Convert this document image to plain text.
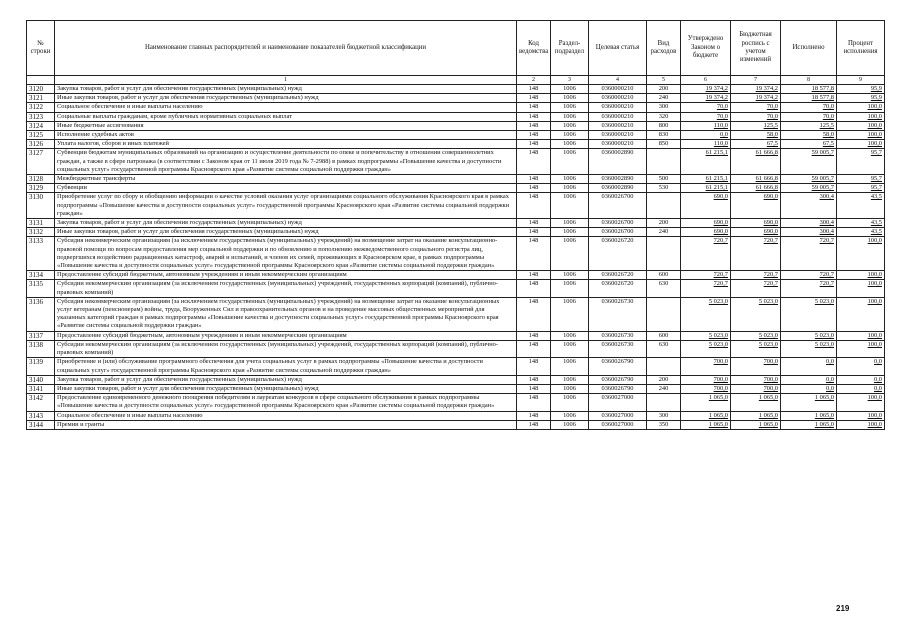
№ строки	Наименование главных распорядителей и наименование показателей бюджетной классификации	Код ведомства	Раздел-подраздел	Целевая статья	Вид расходов	Утверждено Законом о бюджете	Бюджетная роспись с учетом изменений	Исполнено	Процент исполнения
	1	2	3	4	5	6	7	8	9
3120	Закупка товаров, работ и услуг для обеспечения государственных (муниципальных) нужд	148	1006	0360000210	200	19 374,2	19 374,2	18 577,8	95,9
3121	Иные закупки товаров, работ и услуг для обеспечения государственных (муниципальных) нужд	148	1006	0360000210	240	19 374,2	19 374,2	18 577,8	95,9
3122	Социальное обеспечение и иные выплаты населению	148	1006	0360000210	300	70,0	70,0	70,0	100,0
3123	Социальные выплаты гражданам, кроме публичных нормативных социальных выплат	148	1006	0360000210	320	70,0	70,0	70,0	100,0
3124	Иные бюджетные ассигнования	148	1006	0360000210	800	110,0	125,5	125,5	100,0
3125	Исполнение судебных актов	148	1006	0360000210	830	0,0	58,0	58,0	100,0
3126	Уплата налогов, сборов и иных платежей	148	1006	0360000210	850	110,0	67,5	67,5	100,0
3127	Субвенции бюджетам муниципальных образований на организацию и осуществление деятельности по опеке и попечительству в отношении совершеннолетних граждан, а также в сфере патронажа (в соответствии с Законом края от 11 июля 2019 года № 7-2988) в рамках подпрограммы «Повышение качества и доступности социальных услуг» государственной программы Красноярского края «Развитие системы социальной поддержки граждан»	148	1006	0360002890		61 215,1	61 666,8	59 005,7	95,7
3128	Межбюджетные трансферты	148	1006	0360002890	500	61 215,1	61 666,8	59 005,7	95,7
3129	Субвенции	148	1006	0360002890	530	61 215,1	61 666,8	59 005,7	95,7
3130	Приобретение услуг по сбору и обобщению информации о качестве условий оказания услуг организациями социального обслуживания Красноярского края в рамках подпрограммы «Повышение качества и доступности социальных услуг» государственной программы Красноярского края «Развитие системы социальной поддержки граждан»	148	1006	0360026700		690,0	690,0	300,4	43,5
3131	Закупка товаров, работ и услуг для обеспечения государственных (муниципальных) нужд	148	1006	0360026700	200	690,0	690,0	300,4	43,5
3132	Иные закупки товаров, работ и услуг для обеспечения государственных (муниципальных) нужд	148	1006	0360026700	240	690,0	690,0	300,4	43,5
3133	Субсидия некоммерческим организациям (за исключением государственных (муниципальных) учреждений) на возмещение затрат на оказание консультационно-правовой помощи по вопросам предоставления мер социальной поддержки и по обновлению и пополнению межведомственного социального регистра лиц, подвергшихся воздействию радиационных катастроф, аварий и испытаний, и членов их семей, проживающих в Красноярском крае, в рамках подпрограммы «Повышение качества и доступности социальных услуг» государственной программы Красноярского края «Развитие системы социальной поддержки граждан»	148	1006	0360026720		720,7	720,7	720,7	100,0
3134	Предоставление субсидий бюджетным, автономным учреждениям и иным некоммерческим организациям	148	1006	0360026720	600	720,7	720,7	720,7	100,0
3135	Субсидии некоммерческим организациям (за исключением государственных (муниципальных) учреждений, государственных корпораций (компаний), публично-правовых компаний)	148	1006	0360026720	630	720,7	720,7	720,7	100,0
3136	Субсидия некоммерческим организациям (за исключением государственных (муниципальных) учреждений) на возмещение затрат на оказание консультационных услуг ветеранам (пенсионерам) войны, труда, Вооруженных Сил и правоохранительных органов и на проведение массовых общественных мероприятий для указанных категорий граждан в рамках подпрограммы «Повышение качества и доступности социальных услуг» государственной программы Красноярского края «Развитие системы социальной поддержки граждан»	148	1006	0360026730		5 023,0	5 023,0	5 023,0	100,0
3137	Предоставление субсидий бюджетным, автономным учреждениям и иным некоммерческим организациям	148	1006	0360026730	600	5 023,0	5 023,0	5 023,0	100,0
3138	Субсидии некоммерческим организациям (за исключением государственных (муниципальных) учреждений, государственных корпораций (компаний), публично-правовых компаний)	148	1006	0360026730	630	5 023,0	5 023,0	5 023,0	100,0
3139	Приобретение и (или) обслуживание программного обеспечения для учета социальных услуг в рамках подпрограммы «Повышение качества и доступности социальных услуг» государственной программы Красноярского края «Развитие системы социальной поддержки граждан»	148	1006	0360026790		700,0	700,0	0,0	0,0
3140	Закупка товаров, работ и услуг для обеспечения государственных (муниципальных) нужд	148	1006	0360026790	200	700,0	700,0	0,0	0,0
3141	Иные закупки товаров, работ и услуг для обеспечения государственных (муниципальных) нужд	148	1006	0360026790	240	700,0	700,0	0,0	0,0
3142	Предоставление единовременного денежного поощрения победителям и лауреатам конкурсов в сфере социального обслуживания в рамках подпрограммы «Повышение качества и доступности социальных услуг» государственной программы Красноярского края «Развитие системы социальной поддержки граждан»	148	1006	0360027000		1 065,0	1 065,0	1 065,0	100,0
3143	Социальное обеспечение и иные выплаты населению	148	1006	0360027000	300	1 065,0	1 065,0	1 065,0	100,0
3144	Премии и гранты	148	1006	0360027000	350	1 065,0	1 065,0	1 065,0	100,0
219
